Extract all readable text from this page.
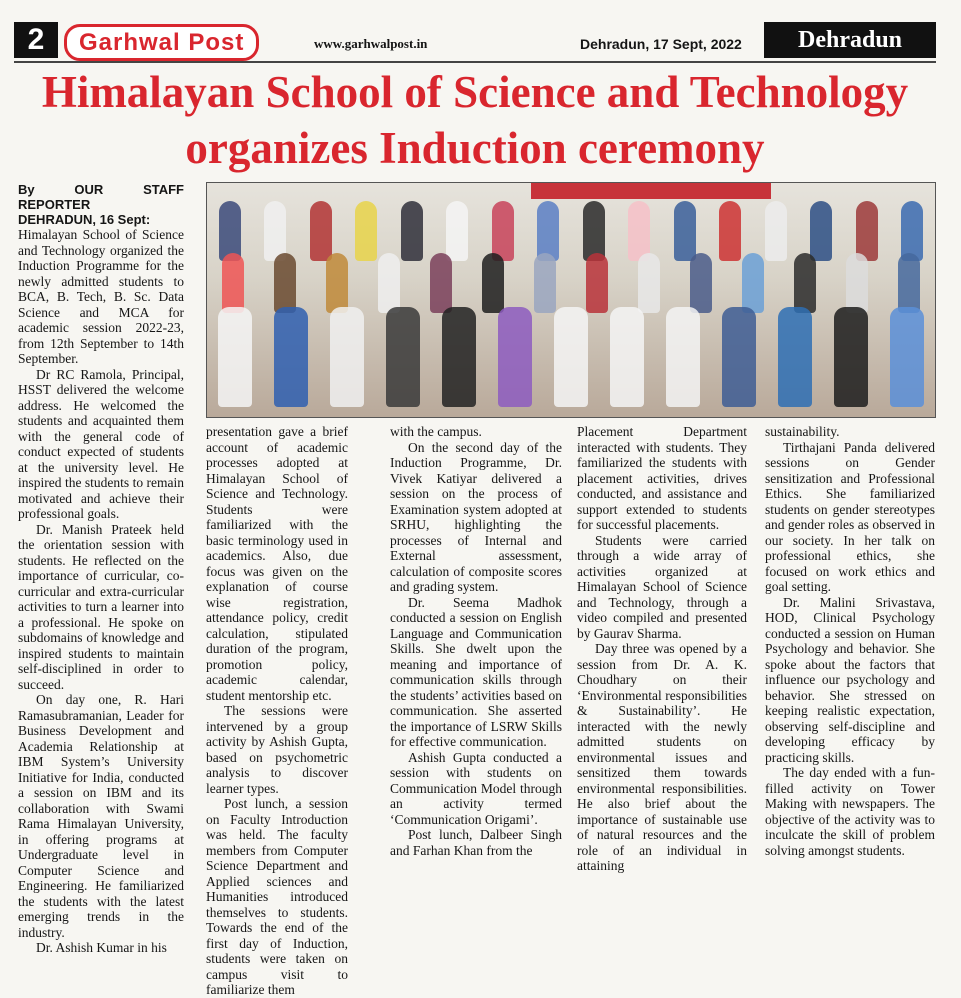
2	Garhwal Post	www.garhwalpost.in	Dehradun, 17 Sept, 2022	Dehradun
Himalayan School of Science and Technology organizes Induction ceremony
By OUR STAFF REPORTER
DEHRADUN, 16 Sept:

Himalayan School of Science and Technology organized the Induction Programme for the newly admitted students to BCA, B. Tech, B. Sc. Data Science and MCA for academic session 2022-23, from 12th September to 14th September.

Dr RC Ramola, Principal, HSST delivered the welcome address. He welcomed the students and acquainted them with the general code of conduct expected of students at the university level. He inspired the students to remain motivated and achieve their professional goals.

Dr. Manish Prateek held the orientation session with students. He reflected on the importance of curricular, co-curricular and extra-curricular activities to turn a learner into a professional. He spoke on subdomains of knowledge and inspired students to maintain self-disciplined in order to succeed.

On day one, R. Hari Ramasubramanian, Leader for Business Development and Academia Relationship at IBM System’s University Initiative for India, conducted a session on IBM and its collaboration with Swami Rama Himalayan University, in offering programs at Undergraduate level in Computer Science and Engineering. He familiarized the students with the latest emerging trends in the industry.

Dr. Ashish Kumar in his

presentation gave a brief account of academic processes adopted at Himalayan School of Science and Technology. Students were familiarized with the basic terminology used in academics. Also, due focus was given on the explanation of course wise registration, attendance policy, credit calculation, stipulated duration of the program, promotion policy, academic calendar, student mentorship etc.

The sessions were intervened by a group activity by Ashish Gupta, based on psychometric analysis to discover learner types.

Post lunch, a session on Faculty Introduction was held. The faculty members from Computer Science Department and Applied sciences and Humanities introduced themselves to students. Towards the end of the first day of Induction, students were taken on campus visit to familiarize them

with the campus.

On the second day of the Induction Programme, Dr. Vivek Katiyar delivered a session on the process of Examination system adopted at SRHU, highlighting the processes of Internal and External assessment, calculation of composite scores and grading system.

Dr. Seema Madhok conducted a session on English Language and Communication Skills. She dwelt upon the meaning and importance of communication skills through the students’ activities based on communication. She asserted the importance of LSRW Skills for effective communication.

Ashish Gupta conducted a session with students on Communication Model through an activity termed ‘Communication Origami’.

Post lunch, Dalbeer Singh and Farhan Khan from the

Placement Department interacted with students. They familiarized the students with placement activities, drives conducted, and assistance and support extended to students for successful placements.

Students were carried through a wide array of activities organized at Himalayan School of Science and Technology, through a video compiled and presented by Gaurav Sharma.

Day three was opened by a session from Dr. A. K. Choudhary on their ‘Environmental responsibilities & Sustainability’. He interacted with the newly admitted students on environmental issues and sensitized them towards environmental responsibilities. He also brief about the importance of sustainable use of natural resources and the role of an individual in attaining

sustainability.

Tirthajani Panda delivered sessions on Gender sensitization and Professional Ethics. She familiarized students on gender stereotypes and gender roles as observed in our society. In her talk on professional ethics, she focused on work ethics and goal setting.

Dr. Malini Srivastava, HOD, Clinical Psychology conducted a session on Human Psychology and behavior. She spoke about the factors that influence our psychology and behavior. She stressed on keeping realistic expectation, observing self-discipline and developing efficacy by practicing skills.

The day ended with a fun-filled activity on Tower Making with newspapers. The objective of the activity was to inculcate the skill of problem solving amongst students.
